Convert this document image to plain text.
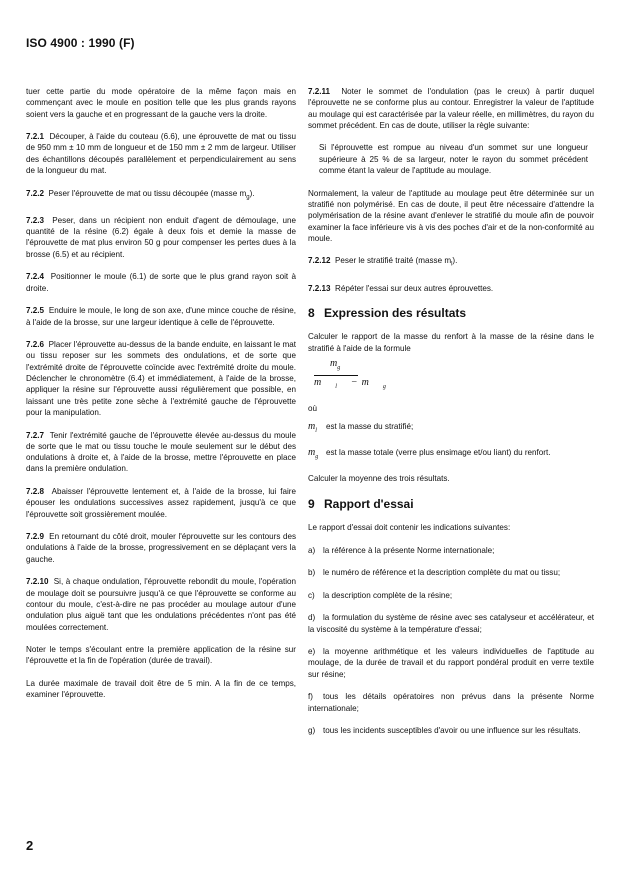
ISO 4900 : 1990 (F)

tuer cette partie du mode opératoire de la même façon mais en commençant avec le moule en position telle que les plus grands rayons soient vers la gauche et en progressant de la gauche vers la droite.

7.2.1 Découper, à l'aide du couteau (6.6), une éprouvette de mat ou tissu de 950 mm ± 10 mm de longueur et de 150 mm ± 2 mm de largeur. Utiliser des échantillons découpés parallèlement et perpendiculairement au sens de la longueur du mat.

7.2.2 Peser l'éprouvette de mat ou tissu découpée (masse $m_g$).

7.2.3 Peser, dans un récipient non enduit d'agent de démoulage, une quantité de la résine (6.2) égale à deux fois et demie la masse de l'éprouvette de mat plus environ 50 g pour compenser les pertes dues à la brosse (6.5) et au récipient.

7.2.4 Positionner le moule (6.1) de sorte que le plus grand rayon soit à droite.

7.2.5 Enduire le moule, le long de son axe, d'une mince couche de résine, à l'aide de la brosse, sur une largeur identique à celle de l'éprouvette.

7.2.6 Placer l'éprouvette au-dessus de la bande enduite, en laissant le mat ou tissu reposer sur les sommets des ondulations, et de sorte que l'extrémité droite de l'éprouvette coïncide avec l'extrémité droite du moule. Déclencher le chronomètre (6.4) et immédiatement, à l'aide de la brosse, appliquer la résine sur l'éprouvette aussi régulièrement que possible, en laissant une très petite zone sèche à l'extrémité gauche de l'éprouvette pour la manipulation.

7.2.7 Tenir l'extrémité gauche de l'éprouvette élevée au-dessus du moule de sorte que le mat ou tissu touche le moule seulement sur le début des ondulations à droite et, à l'aide de la brosse, mettre l'éprouvette en place dans la première ondulation.

7.2.8 Abaisser l'éprouvette lentement et, à l'aide de la brosse, lui faire épouser les ondulations successives assez rapidement, jusqu'à ce que l'éprouvette soit grossièrement moulée.

7.2.9 En retournant du côté droit, mouler l'éprouvette sur les contours des ondulations à l'aide de la brosse, progressivement en se déplaçant vers la gauche.

7.2.10 Si, à chaque ondulation, l'éprouvette rebondit du moule, l'opération de moulage doit se poursuivre jusqu'à ce que l'éprouvette se conforme au contour du moule, c'est-à-dire ne pas procéder au moulage autour d'une ondulation plus aiguë tant que les ondulations précédentes n'ont pas été moulées correctement.

Noter le temps s'écoulant entre la première application de la résine sur l'éprouvette et la fin de l'opération (durée de travail).

La durée maximale de travail doit être de 5 min. A la fin de ce temps, examiner l'éprouvette.

7.2.11 Noter le sommet de l'ondulation (pas le creux) à partir duquel l'éprouvette ne se conforme plus au contour. Enregistrer la valeur de l'aptitude au moulage qui est caractérisée par la valeur réelle, en millimètres, du rayon du sommet précédent. En cas de doute, utiliser la règle suivante:

Si l'éprouvette est rompue au niveau d'un sommet sur une longueur supérieure à 25 % de sa largeur, noter le rayon du sommet précédent comme étant la valeur de l'aptitude au moulage.

Normalement, la valeur de l'aptitude au moulage peut être déterminée sur un stratifié non polymérisé. En cas de doute, il peut être nécessaire d'attendre la polymérisation de la résine avant d'enlever le stratifié du moule afin de pouvoir examiner la face inférieure vis à vis des poches d'air et de la non-conformité au moule.

7.2.12 Peser le stratifié traité (masse $m_l$).

7.2.13 Répéter l'essai sur deux autres éprouvettes.

8 Expression des résultats

Calculer le rapport de la masse du renfort à la masse de la résine dans le stratifié à l'aide de la formule

$m_g$
m $_l$ − m $_g$
où
$m_l$	est la masse du stratifié;
$m_g$ est la masse totale (verre plus ensimage et/ou liant) du renfort.

Calculer la moyenne des trois résultats.

9 Rapport d'essai

Le rapport d'essai doit contenir les indications suivantes:

a) la référence à la présente Norme internationale;
b) le numéro de référence et la description complète du mat ou tissu;
c) la description complète de la résine;
d) la formulation du système de résine avec ses catalyseur et accélérateur, et la viscosité du système à la température d'essai;
e) la moyenne arithmétique et les valeurs individuelles de l'aptitude au moulage, de la durée de travail et du rapport pondéral produit en verre textile sur résine;
f) tous les détails opératoires non prévus dans la présente Norme internationale;
g) tous les incidents susceptibles d'avoir ou une influence sur les résultats.
2
